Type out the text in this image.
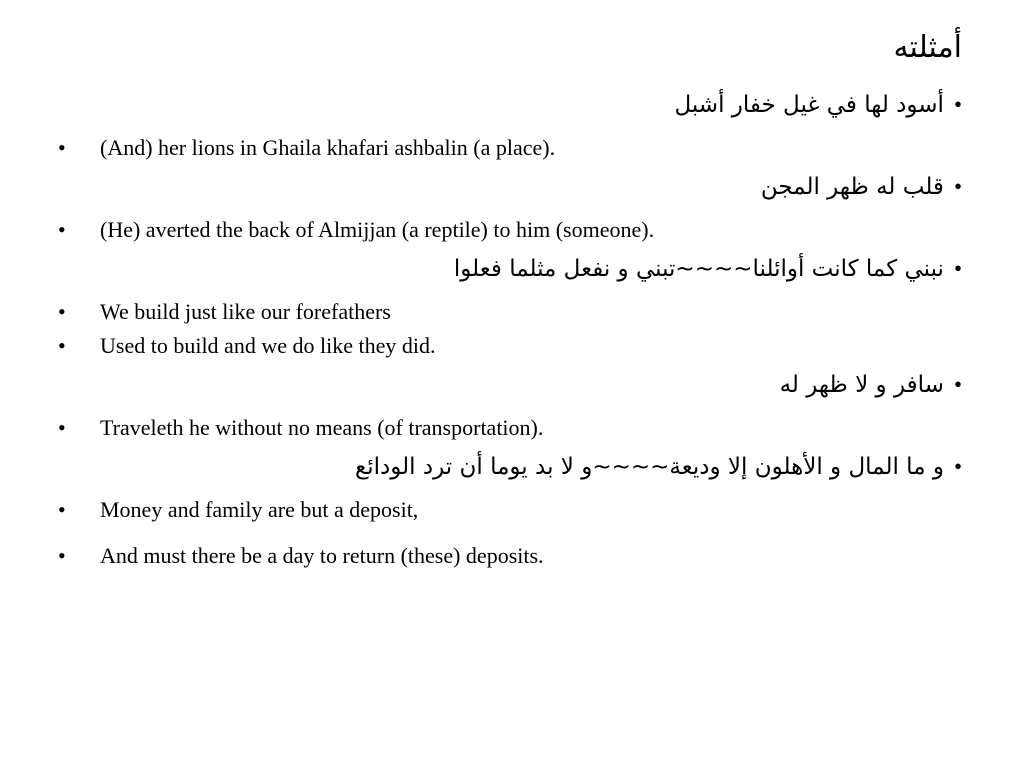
أمثلته
•أسود لها في غيل خفار أشبل
• (And) her lions in Ghaila khafari ashbalin (a place).
•قلب له ظهر المجن
• (He) averted the back of Almijjan (a reptile) to him (someone).
•نبني كما كانت أوائلنا~~~~تبني و نفعل مثلما فعلوا
• We build just like our forefathers
• Used to build and we do like they did.
•سافر و لا ظهر له
• Traveleth he without no means (of transportation).
•و ما المال و الأهلون إلا وديعة~~~~و لا بد يوما أن ترد الودائع
• Money and family are but a deposit,
• And must there be a day to return (these) deposits.
